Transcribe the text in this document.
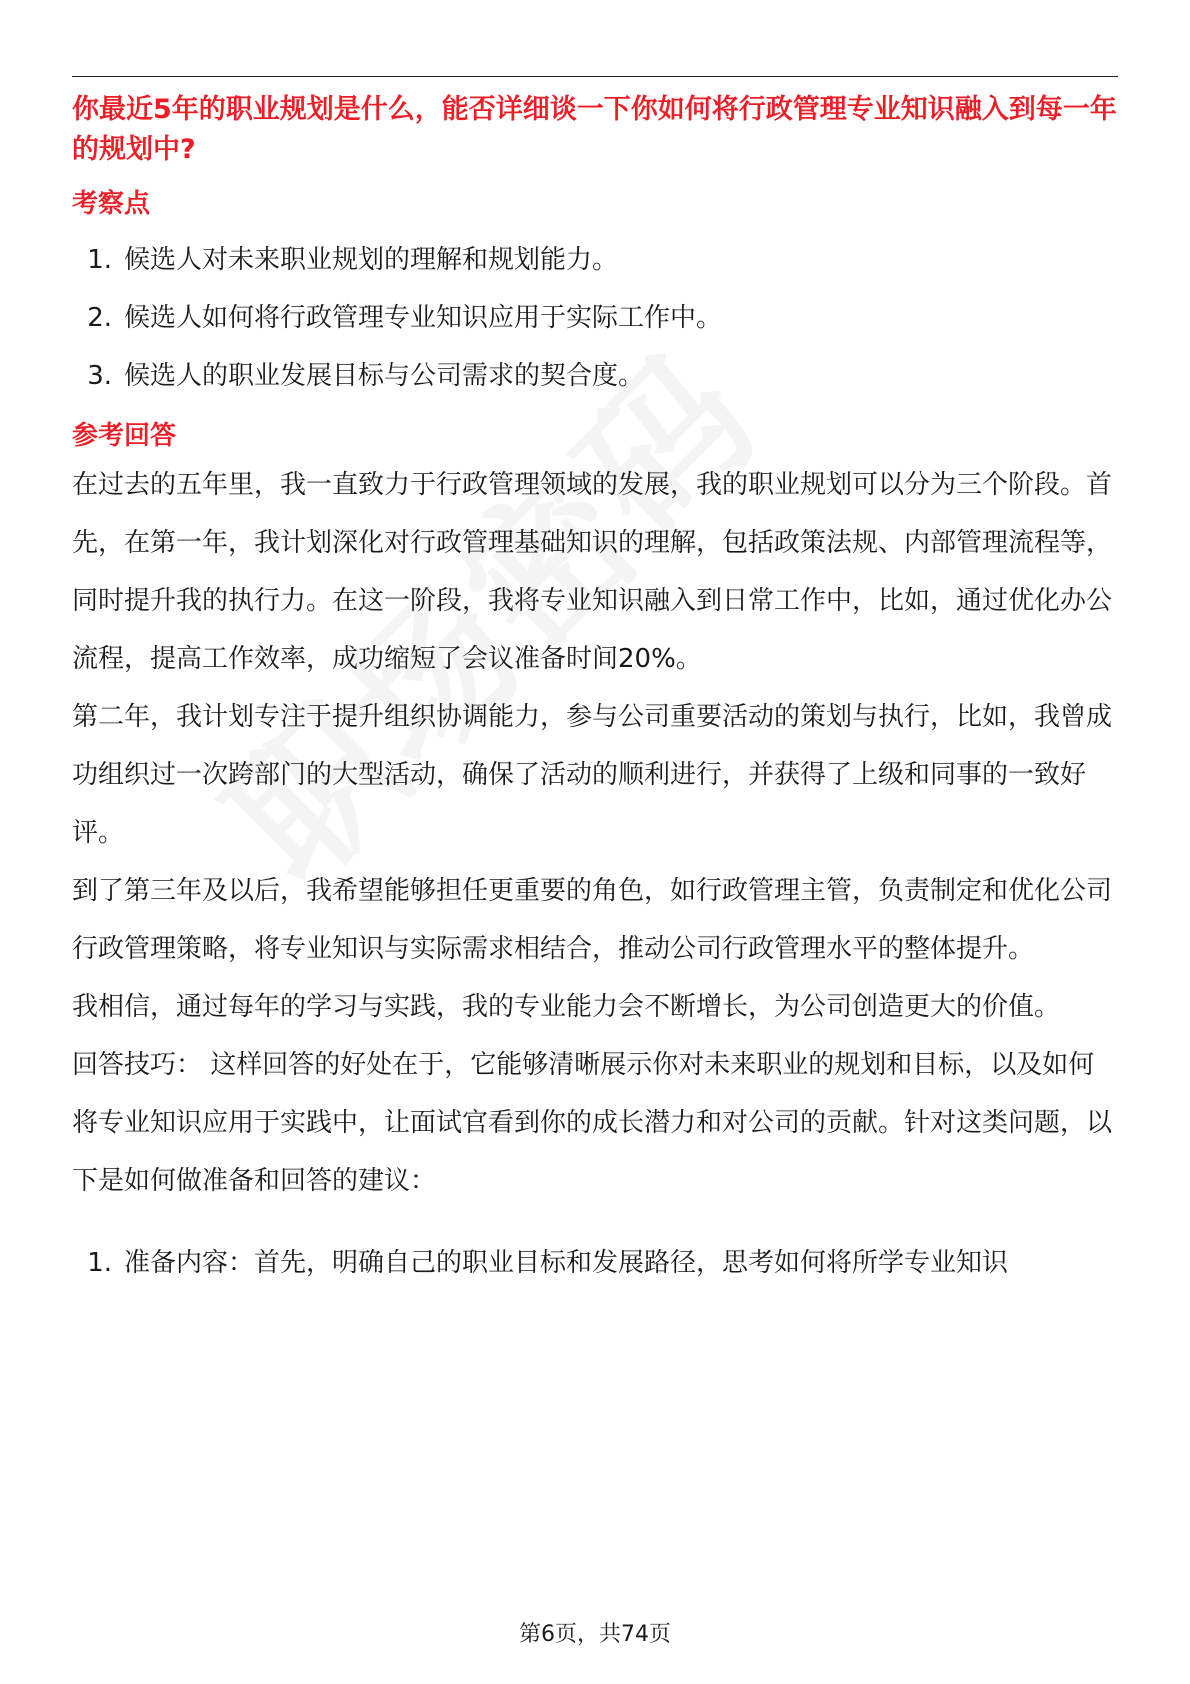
你最近5年的职业规划是什么，能否详细谈一下你如何将行政管理专业知识融入到每一年的规划中?
考察点
1. 候选人对未来职业规划的理解和规划能力。
2. 候选人如何将行政管理专业知识应用于实际工作中。
3. 候选人的职业发展目标与公司需求的契合度。
参考回答

在过去的五年里，我一直致力于行政管理领域的发展，我的职业规划可以分为三个阶段。首先，在第一年，我计划深化对行政管理基础知识的理解，包括政策法规、内部管理流程等，同时提升我的执行力。在这一阶段，我将专业知识融入到日常工作中，比如，通过优化办公流程，提高工作效率，成功缩短了会议准备时间20%。

第二年，我计划专注于提升组织协调能力，参与公司重要活动的策划与执行，比如，我曾成功组织过一次跨部门的大型活动，确保了活动的顺利进行，并获得了上级和同事的一致好评。

到了第三年及以后，我希望能够担任更重要的角色，如行政管理主管，负责制定和优化公司行政管理策略，将专业知识与实际需求相结合，推动公司行政管理水平的整体提升。

我相信，通过每年的学习与实践，我的专业能力会不断增长，为公司创造更大的价值。

回答技巧： 这样回答的好处在于，它能够清晰展示你对未来职业的规划和目标，以及如何将专业知识应用于实践中，让面试官看到你的成长潜力和对公司的贡献。针对这类问题，以下是如何做准备和回答的建议：

1. 准备内容：首先，明确自己的职业目标和发展路径，思考如何将所学专业知识
第6页，共74页
